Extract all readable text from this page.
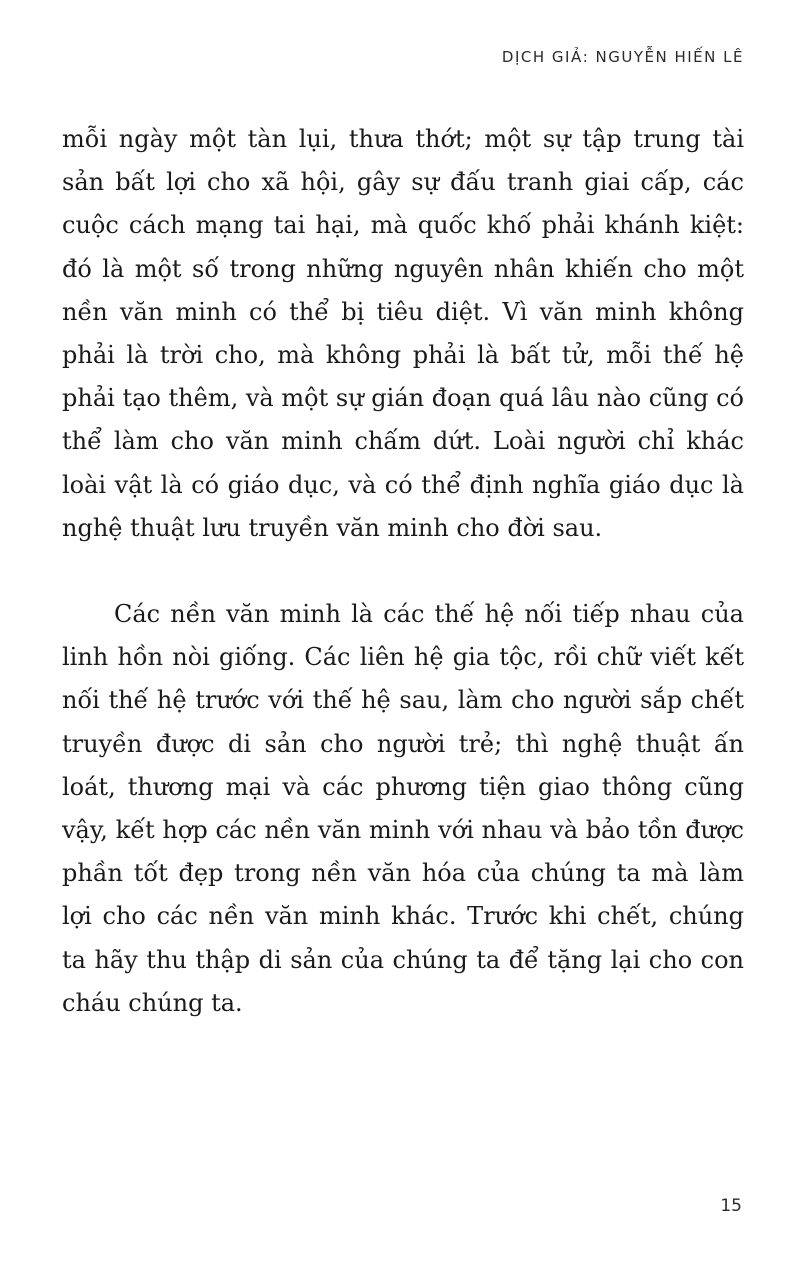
DỊCH GIẢ: NGUYỄN HIẾN LÊ

mỗi ngày một tàn lụi, thưa thớt; một sự tập trung tài sản bất lợi cho xã hội, gây sự đấu tranh giai cấp, các cuộc cách mạng tai hại, mà quốc khố phải khánh kiệt: đó là một số trong những nguyên nhân khiến cho một nền văn minh có thể bị tiêu diệt. Vì văn minh không phải là trời cho, mà không phải là bất tử, mỗi thế hệ phải tạo thêm, và một sự gián đoạn quá lâu nào cũng có thể làm cho văn minh chấm dứt. Loài người chỉ khác loài vật là có giáo dục, và có thể định nghĩa giáo dục là nghệ thuật lưu truyền văn minh cho đời sau.

Các nền văn minh là các thế hệ nối tiếp nhau của linh hồn nòi giống. Các liên hệ gia tộc, rồi chữ viết kết nối thế hệ trước với thế hệ sau, làm cho người sắp chết truyền được di sản cho người trẻ; thì nghệ thuật ấn loát, thương mại và các phương tiện giao thông cũng vậy, kết hợp các nền văn minh với nhau và bảo tồn được phần tốt đẹp trong nền văn hóa của chúng ta mà làm lợi cho các nền văn minh khác. Trước khi chết, chúng ta hãy thu thập di sản của chúng ta để tặng lại cho con cháu chúng ta.

15
